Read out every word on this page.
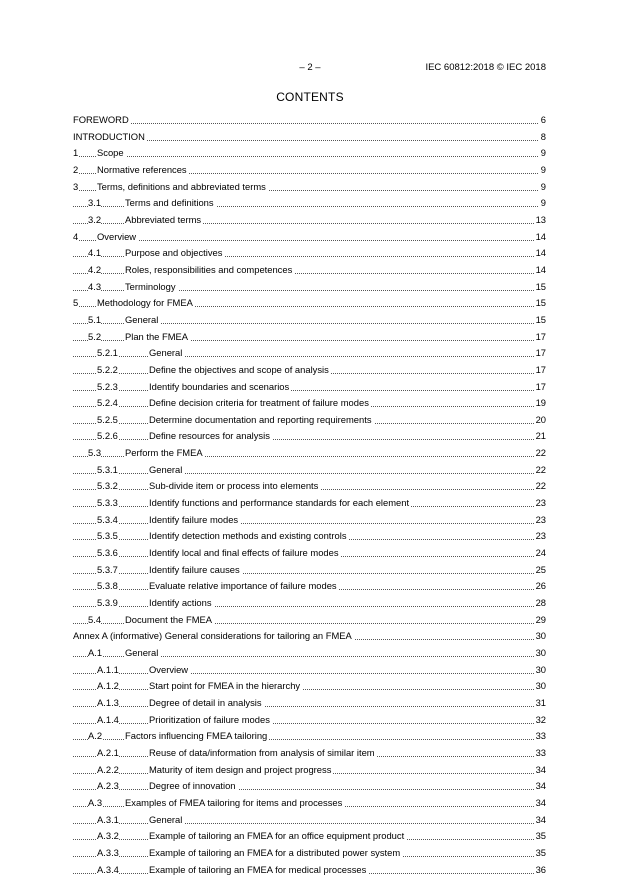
– 2 –	IEC 60812:2018 © IEC 2018
CONTENTS
FOREWORD	6
INTRODUCTION	8
1 Scope	9
2 Normative references	9
3 Terms, definitions and abbreviated terms	9
3.1	Terms and definitions	9
3.2	Abbreviated terms	13
4 Overview	14
4.1	Purpose and objectives	14
4.2	Roles, responsibilities and competences	14
4.3	Terminology	15
5 Methodology for FMEA	15
5.1	General	15
5.2	Plan the FMEA	17
5.2.1	General	17
5.2.2	Define the objectives and scope of analysis	17
5.2.3	Identify boundaries and scenarios	17
5.2.4	Define decision criteria for treatment of failure modes	19
5.2.5	Determine documentation and reporting requirements	20
5.2.6	Define resources for analysis	21
5.3	Perform the FMEA	22
5.3.1	General	22
5.3.2	Sub-divide item or process into elements	22
5.3.3	Identify functions and performance standards for each element	23
5.3.4	Identify failure modes	23
5.3.5	Identify detection methods and existing controls	23
5.3.6	Identify local and final effects of failure modes	24
5.3.7	Identify failure causes	25
5.3.8	Evaluate relative importance of failure modes	26
5.3.9	Identify actions	28
5.4	Document the FMEA	29
Annex A (informative) General considerations for tailoring an FMEA	30
A.1 General	30
A.1.1	Overview	30
A.1.2	Start point for FMEA in the hierarchy	30
A.1.3	Degree of detail in analysis	31
A.1.4	Prioritization of failure modes	32
A.2 Factors influencing FMEA tailoring	33
A.2.1	Reuse of data/information from analysis of similar item	33
A.2.2	Maturity of item design and project progress	34
A.2.3	Degree of innovation	34
A.3 Examples of FMEA tailoring for items and processes	34
A.3.1	General	34
A.3.2	Example of tailoring an FMEA for an office equipment product	35
A.3.3	Example of tailoring an FMEA for a distributed power system	35
A.3.4	Example of tailoring an FMEA for medical processes	36
